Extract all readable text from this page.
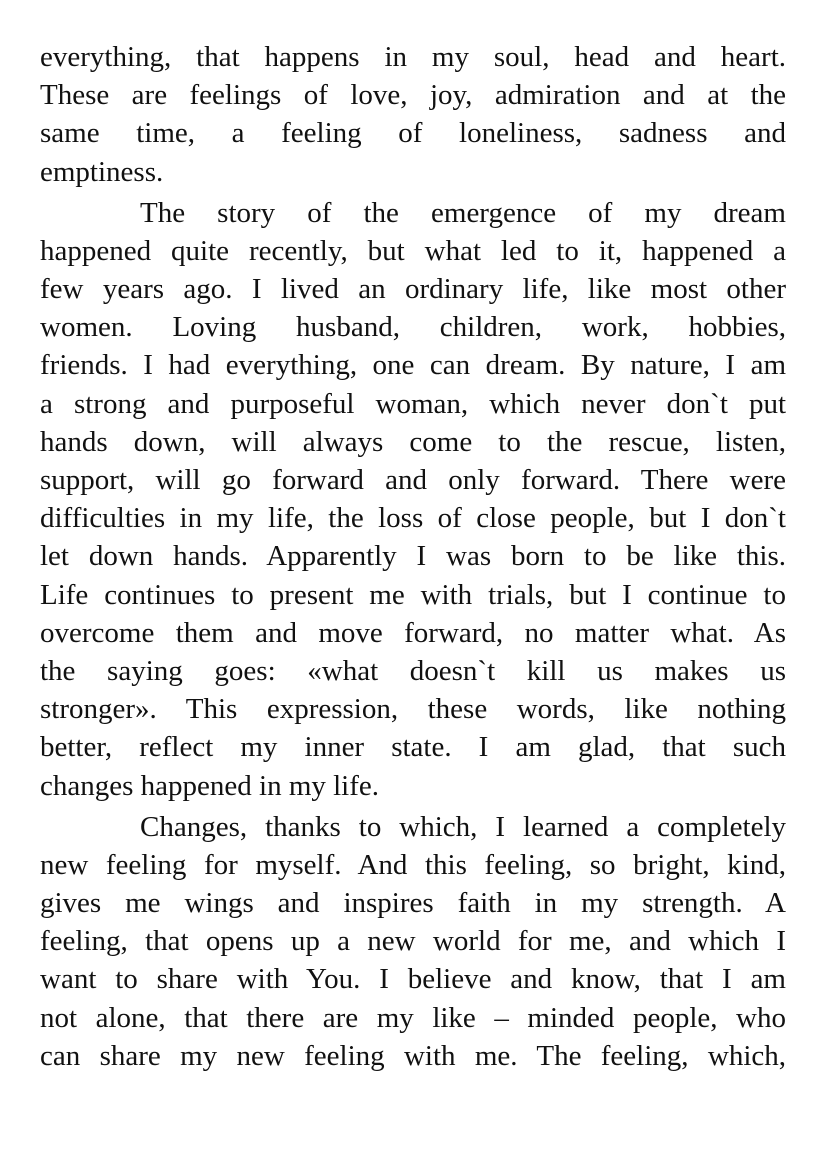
everything, that happens in my soul, head and heart.
These are feelings of love, joy, admiration and at the
same time, a feeling of loneliness, sadness and
emptiness.
The story of the emergence of my dream
happened quite recently, but what led to it, happened a
few years ago. I lived an ordinary life, like most other
women. Loving husband, children, work, hobbies,
friends. I had everything, one can dream. By nature, I am
a strong and purposeful woman, which never don`t put
hands down, will always come to the rescue, listen,
support, will go forward and only forward. There were
difficulties in my life, the loss of close people, but I don`t
let down hands. Apparently I was born to be like this.
Life continues to present me with trials, but I continue to
overcome them and move forward, no matter what. As
the saying goes: «what doesn`t kill us makes us
stronger». This expression, these words, like nothing
better, reflect my inner state. I am glad, that such
changes happened in my life.
Changes, thanks to which, I learned a completely
new feeling for myself. And this feeling, so bright, kind,
gives me wings and inspires faith in my strength. A
feeling, that opens up a new world for me, and which I
want to share with You. I believe and know, that I am
not alone, that there are my like – minded people, who
can share my new feeling with me. The feeling, which,
